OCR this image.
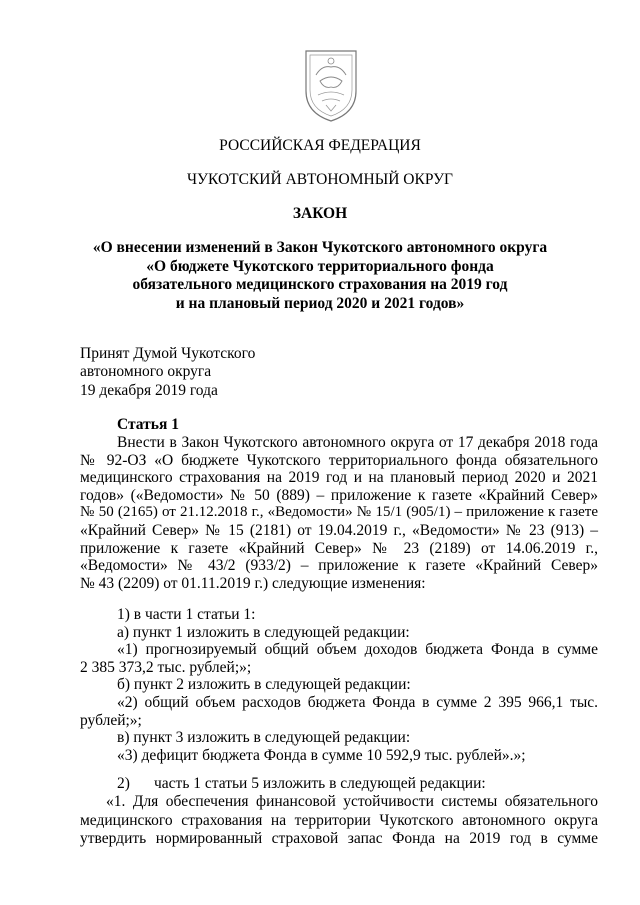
РОССИЙСКАЯ ФЕДЕРАЦИЯ
ЧУКОТСКИЙ АВТОНОМНЫЙ ОКРУГ
ЗАКОН
«О внесении изменений в Закон Чукотского автономного округа
«О бюджете Чукотского территориального фонда
обязательного медицинского страхования на 2019 год
и на плановый период 2020 и 2021 годов»
Принят Думой Чукотского
автономного округа
19 декабря 2019 года
Статья 1
Внести в Закон Чукотского автономного округа от 17 декабря 2018 года
№ 92-ОЗ «О бюджете Чукотского территориального фонда обязательного
медицинского страхования на 2019 год и на плановый период 2020 и 2021
годов» («Ведомости» № 50 (889) – приложение к газете «Крайний Север»
№ 50 (2165) от 21.12.2018 г., «Ведомости» № 15/1 (905/1) – приложение к газете
«Крайний Север» № 15 (2181) от 19.04.2019 г., «Ведомости» № 23 (913) –
приложение к газете «Крайний Север» № 23 (2189) от 14.06.2019 г.,
«Ведомости» № 43/2 (933/2) – приложение к газете «Крайний Север»
№ 43 (2209) от 01.11.2019 г.) следующие изменения:
1) в части 1 статьи 1:
а) пункт 1 изложить в следующей редакции:
«1) прогнозируемый общий объем доходов бюджета Фонда в сумме
2 385 373,2 тыс. рублей;»;
б) пункт 2 изложить в следующей редакции:
«2) общий объем расходов бюджета Фонда в сумме 2 395 966,1 тыс.
рублей;»;
в) пункт 3 изложить в следующей редакции:
«3) дефицит бюджета Фонда в сумме 10 592,9 тыс. рублей».»;
2) часть 1 статьи 5 изложить в следующей редакции:
«1. Для обеспечения финансовой устойчивости системы обязательного
медицинского страхования на территории Чукотского автономного округа
утвердить нормированный страховой запас Фонда на 2019 год в сумме
